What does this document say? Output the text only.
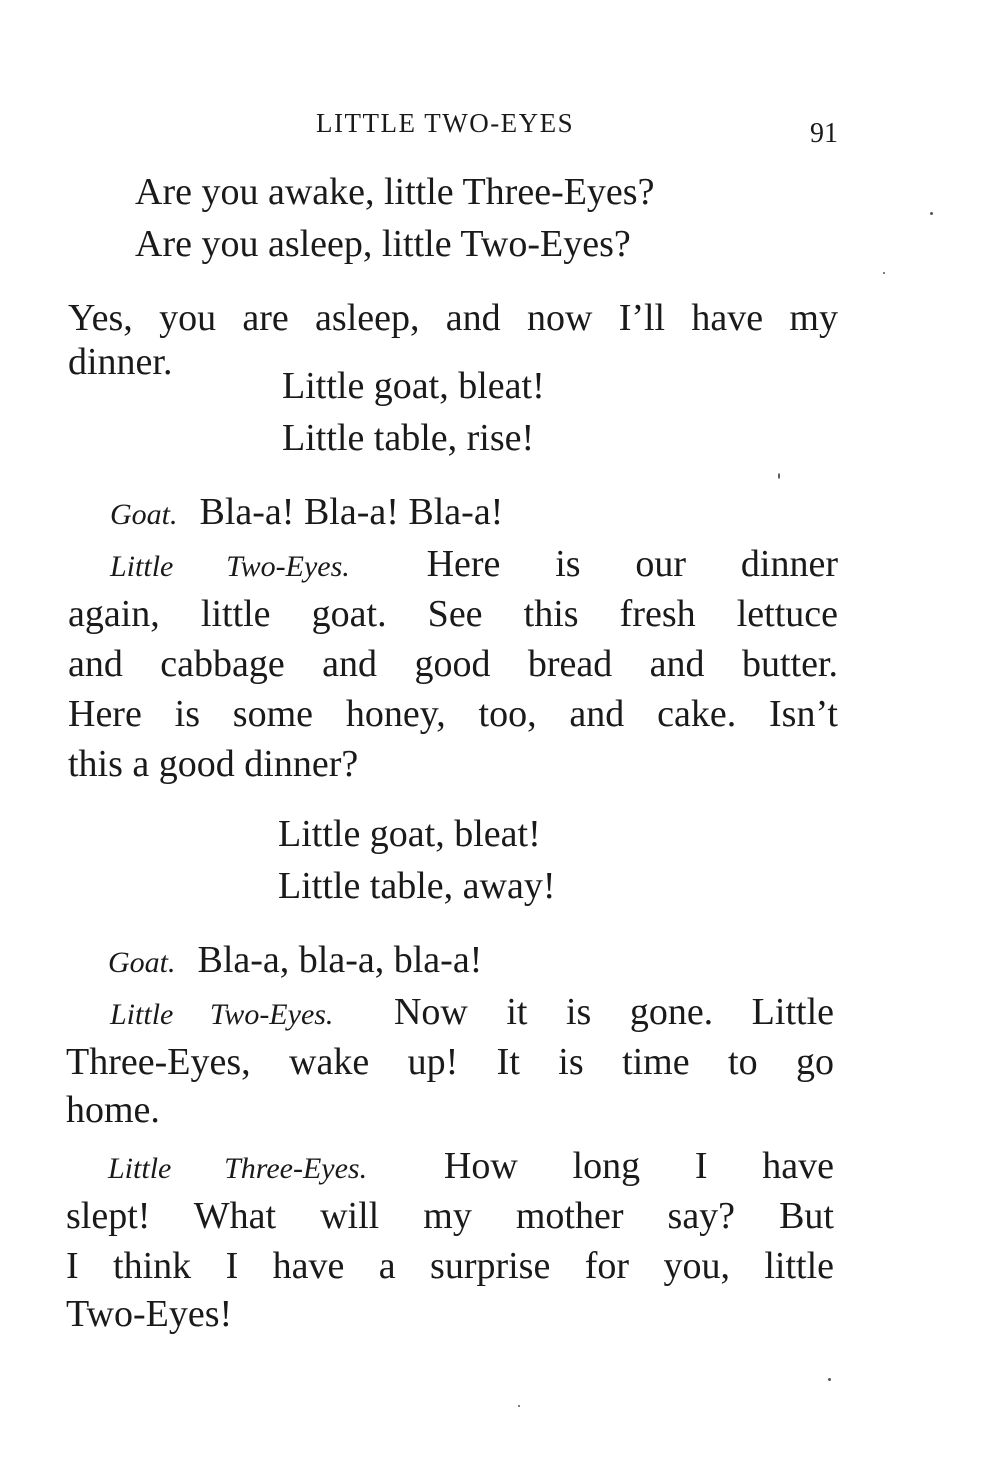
LITTLE TWO-EYES	91
Are you awake, little Three-Eyes?
Are you asleep, little Two-Eyes?
Yes, you are asleep, and now I’ll have my
dinner.
Little goat, bleat!
Little table, rise!
Goat. Bla-a! Bla-a! Bla-a!
Little Two-Eyes. Here is our dinner
again, little goat. See this fresh lettuce
and cabbage and good bread and butter.
Here is some honey, too, and cake. Isn’t
this a good dinner?
Little goat, bleat!
Little table, away!
Goat. Bla-a, bla-a, bla-a!
Little Two-Eyes. Now it is gone. Little
Three-Eyes, wake up! It is time to go
home.
Little Three-Eyes. How long I have
slept! What will my mother say? But
I think I have a surprise for you, little
Two-Eyes!
